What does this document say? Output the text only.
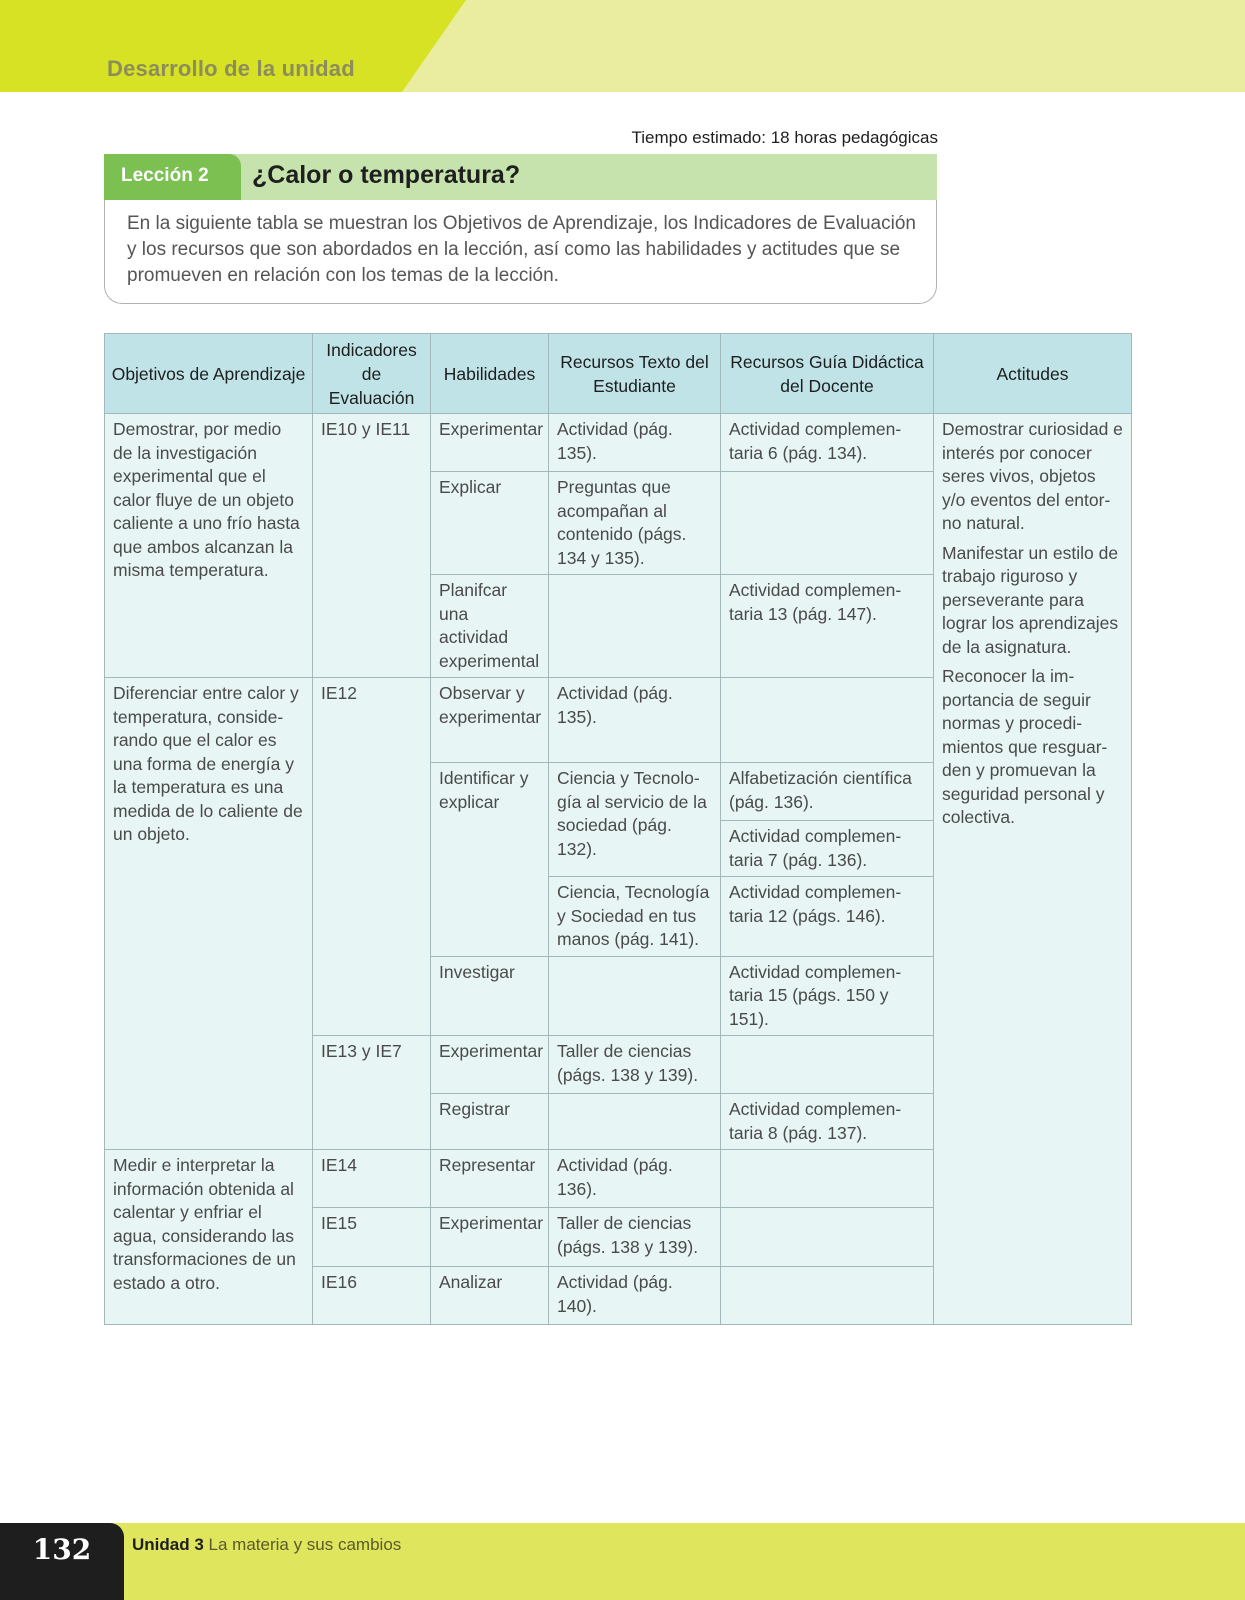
Desarrollo de la unidad
Tiempo estimado: 18 horas pedagógicas
Lección 2	¿Calor o temperatura?
En la siguiente tabla se muestran los Objetivos de Aprendizaje, los Indicadores de Evaluación
y los recursos que son abordados en la lección, así como las habilidades y actitudes que se
promueven en relación con los temas de la lección.
Objetivos de Aprendizaje	Indicadores de Evaluación	Habilidades	Recursos Texto del Estudiante	Recursos Guía Didáctica del Docente	Actitudes
Demostrar, por medio de la investigación experimental que el calor fluye de un objeto caliente a uno frío hasta que ambos alcanzan la misma temperatura.	IE10 y IE11	Experimentar	Actividad (pág. 135).	Actividad complemen-taria 6 (pág. 134).	Demostrar curiosidad e interés por conocer seres vivos, objetos y/o eventos del entor-no natural.
Manifestar un estilo de trabajo riguroso y perseverante para lograr los aprendizajes de la asignatura.
Reconocer la im-portancia de seguir normas y procedi-mientos que resguar-den y promuevan la seguridad personal y colectiva.

		Explicar	Preguntas que acompañan al contenido (págs. 134 y 135).		
		Planifcar una actividad experimental		Actividad complemen-taria 13 (pág. 147).	
Diferenciar entre calor y temperatura, conside-rando que el calor es una forma de energía y la temperatura es una medida de lo caliente de un objeto.	IE12	Observar y experimentar	Actividad (pág. 135).		
		Identificar y explicar	Ciencia y Tecnolo-gía al servicio de la sociedad (pág. 132).	Alfabetización científica (pág. 136).	
				Actividad complemen-taria 7 (pág. 136).	
			Ciencia, Tecnología y Sociedad en tus manos (pág. 141).	Actividad complemen-taria 12 (págs. 146).	
		Investigar		Actividad complemen-taria 15 (págs. 150 y 151).	
	IE13 y IE7	Experimentar	Taller de ciencias (págs. 138 y 139).		
		Registrar		Actividad complemen-taria 8 (pág. 137).	
Medir e interpretar la información obtenida al calentar y enfriar el agua, considerando las transformaciones de un estado a otro.	IE14	Representar	Actividad (pág. 136).		
	IE15	Experimentar	Taller de ciencias (págs. 138 y 139).		
	IE16	Analizar	Actividad (pág. 140).		
132	Unidad 3 La materia y sus cambios
